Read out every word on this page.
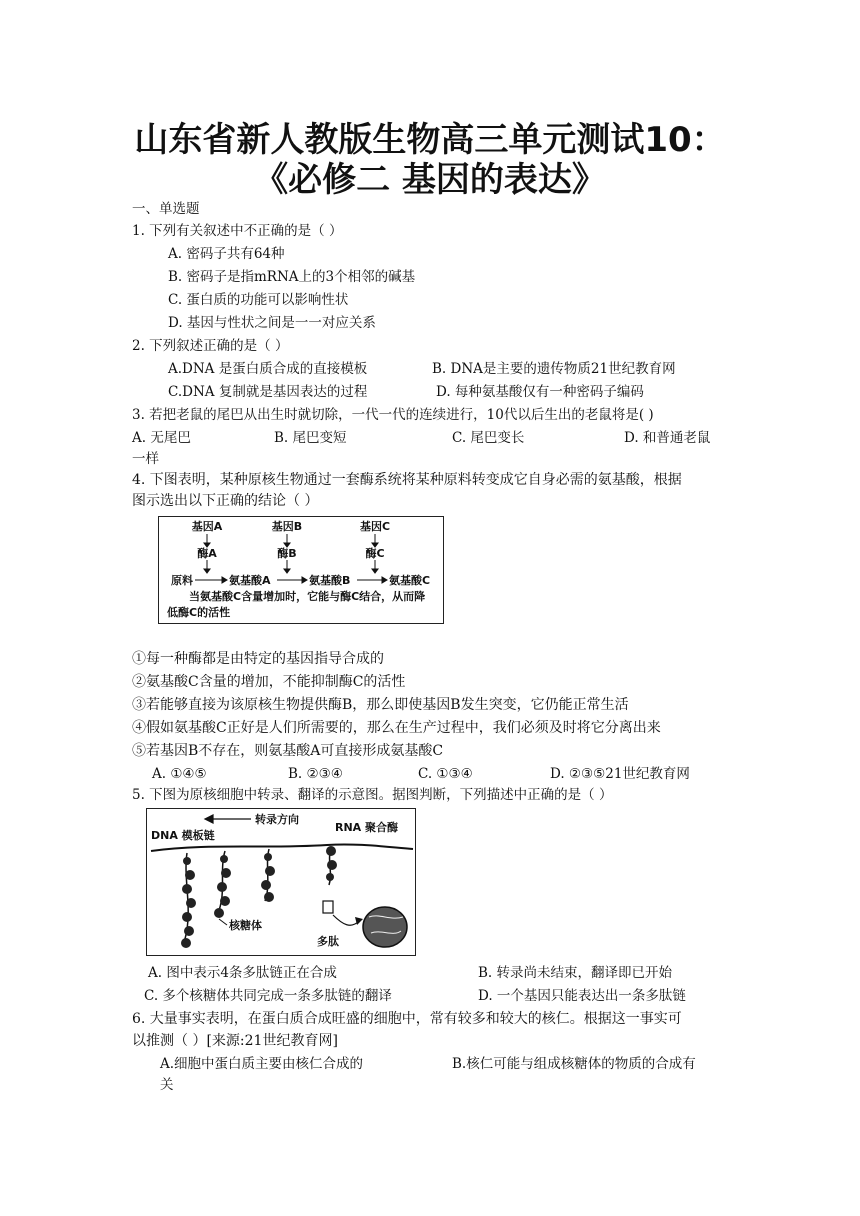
山东省新人教版生物高三单元测试10：
《必修二 基因的表达》
一、单选题
1. 下列有关叙述中不正确的是（ ）
A. 密码子共有64种
B. 密码子是指mRNA上的3个相邻的碱基
C. 蛋白质的功能可以影响性状
D. 基因与性状之间是一一对应关系
2. 下列叙述正确的是（ ）
A.DNA 是蛋白质合成的直接模板	B. DNA是主要的遗传物质21世纪教育网
C.DNA 复制就是基因表达的过程	D. 每种氨基酸仅有一种密码子编码
3. 若把老鼠的尾巴从出生时就切除，一代一代的连续进行，10代以后生出的老鼠将是( )
A. 无尾巴	B. 尾巴变短	C. 尾巴变长	D. 和普通老鼠
一样
4. 下图表明，某种原核生物通过一套酶系统将某种原料转变成它自身必需的氨基酸，根据
图示选出以下正确的结论（ ）
基因A	基因B	基因C
酶A	酶B	酶C
原料	氨基酸A	氨基酸B	氨基酸C
当氨基酸C含量增加时，它能与酶C结合，从而降
低酶C的活性
①每一种酶都是由特定的基因指导合成的
②氨基酸C含量的增加，不能抑制酶C的活性
③若能够直接为该原核生物提供酶B，那么即使基因B发生突变，它仍能正常生活
④假如氨基酸C正好是人们所需要的，那么在生产过程中，我们必须及时将它分离出来
⑤若基因B不存在，则氨基酸A可直接形成氨基酸C
A. ①④⑤	B. ②③④	C. ①③④	D. ②③⑤21世纪教育网
5. 下图为原核细胞中转录、翻译的示意图。据图判断，下列描述中正确的是（ ）
转录方向
DNA 模板链
RNA 聚合酶
核糖体
多肽
A. 图中表示4条多肽链正在合成	B. 转录尚未结束，翻译即已开始
C. 多个核糖体共同完成一条多肽链的翻译	D. 一个基因只能表达出一条多肽链
6. 大量事实表明，在蛋白质合成旺盛的细胞中，常有较多和较大的核仁。根据这一事实可
以推测（ ）[来源:21世纪教育网]
A.细胞中蛋白质主要由核仁合成的	B.核仁可能与组成核糖体的物质的合成有
关
